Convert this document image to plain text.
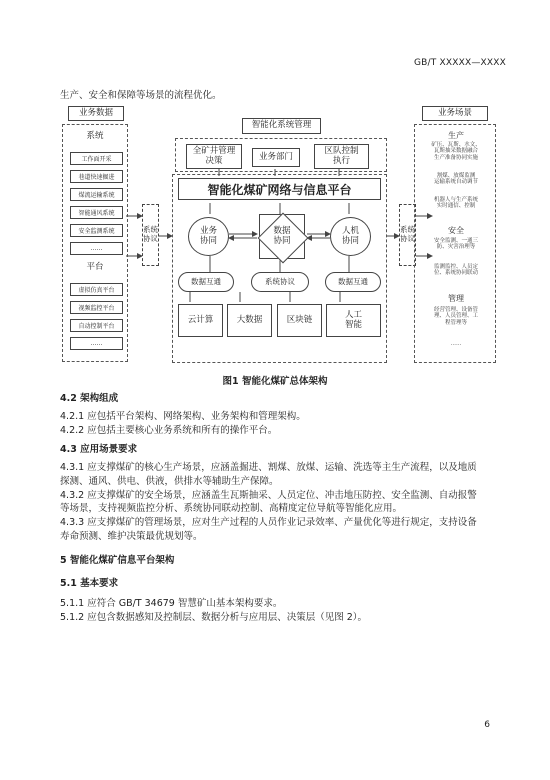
GB/T XXXXX—XXXX
生产、安全和保障等场景的流程优化。
业务数据
系统
工作面开采
巷道快速掘进
煤流运输系统
智能通风系统
安全监测系统
……
平台
虚拟仿真平台
视频监控平台
自动控制平台
……
系统
协议
智能化系统管理
全矿井管理
决策	业务部门
区队控制
执行
智能化煤矿网络与信息平台
业务
协同
数据
协同
人机
协同
数据互通	系统协议	数据互通
云计算	大数据	区块链	人工
智能
系统
协议
业务场景
生产
矿压、瓦斯、水文、
瓦斯抽采数据融合
生产准备协同实施
割煤、放煤监测
运输系统自动调节
机器人与生产系统
实时通信、控制
安全
安全监测、一通三
防、灾害治理等
监测监控、人员定
位、系统协同联动
管理
经营管理、设备管
理、人员管理、工
程管理等
……
图1 智能化煤矿总体架构
4.2 架构组成
4.2.1 应包括平台架构、网络架构、业务架构和管理架构。
4.2.2 应包括主要核心业务系统和所有的操作平台。
4.3 应用场景要求
4.3.1 应支撑煤矿的核心生产场景，应涵盖掘进、割煤、放煤、运输、洗选等主生产流程，以及地质
探测、通风、供电、供液，供排水等辅助生产保障。
4.3.2 应支撑煤矿的安全场景，应涵盖生瓦斯抽采、人员定位、冲击地压防控、安全监测、自动报警
等场景，支持视频监控分析、系统协同联动控制、高精度定位导航等智能化应用。
4.3.3 应支撑煤矿的管理场景，应对生产过程的人员作业记录效率、产量优化等进行规定，支持设备
寿命预测、维护决策最优规划等。
5 智能化煤矿信息平台架构
5.1 基本要求
5.1.1 应符合 GB/T 34679 智慧矿山基本架构要求。
5.1.2 应包含数据感知及控制层、数据分析与应用层、决策层（见图 2）。
6
